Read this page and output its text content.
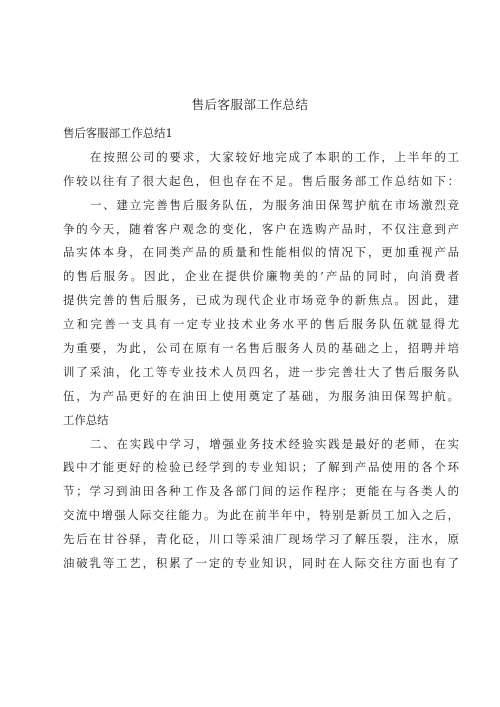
售后客服部工作总结
售后客服部工作总结1
在按照公司的要求，大家较好地完成了本职的工作，上半年的工
作较以往有了很大起色，但也存在不足。售后服务部工作总结如下：
一、建立完善售后服务队伍，为服务油田保驾护航在市场激烈竞
争的今天，随着客户观念的变化，客户在选购产品时，不仅注意到产
品实体本身，在同类产品的质量和性能相似的情况下，更加重视产品
的售后服务。因此，企业在提供价廉物美的’产品的同时，向消费者
提供完善的售后服务，已成为现代企业市场竞争的新焦点。因此，建
立和完善一支具有一定专业技术业务水平的售后服务队伍就显得尤
为重要，为此，公司在原有一名售后服务人员的基础之上，招聘并培
训了采油，化工等专业技术人员四名，进一步完善壮大了售后服务队
伍，为产品更好的在油田上使用奠定了基础，为服务油田保驾护航。
工作总结
二、在实践中学习，增强业务技术经验实践是最好的老师，在实
践中才能更好的检验已经学到的专业知识；了解到产品使用的各个环
节；学习到油田各种工作及各部门间的运作程序；更能在与各类人的
交流中增强人际交往能力。为此在前半年中，特别是新员工加入之后，
先后在甘谷驿，青化砭，川口等采油厂现场学习了解压裂，注水，原
油破乳等工艺，积累了一定的专业知识，同时在人际交往方面也有了
